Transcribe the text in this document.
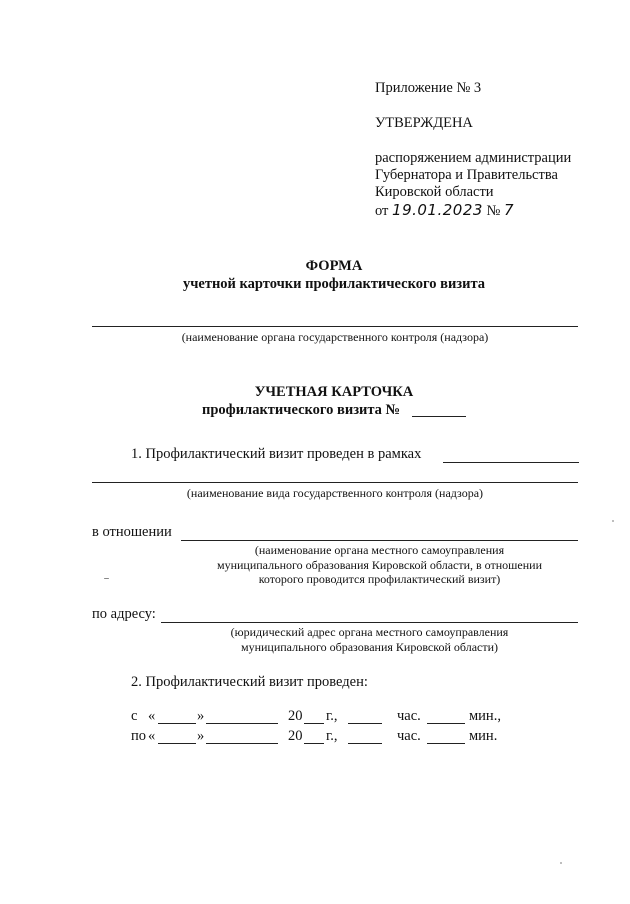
Приложение № 3
УТВЕРЖДЕНА
распоряжением администрации
Губернатора и Правительства
Кировской области
от 19.01.2023 № 7
ФОРМА
учетной карточки профилактического визита
(наименование органа государственного контроля (надзора)
УЧЕТНАЯ КАРТОЧКА
профилактического визита №
1. Профилактический визит проведен в рамках
(наименование вида государственного контроля (надзора)
в отношении
(наименование органа местного самоуправления
муниципального образования Кировской области, в отношении
которого проводится профилактический визит)
по адресу:
(юридический адрес органа местного самоуправления
муниципального образования Кировской области)
2. Профилактический визит проведен:
с «	»	20 г.,	час.	мин.,
по «	»	20 г.,	час.	мин.
